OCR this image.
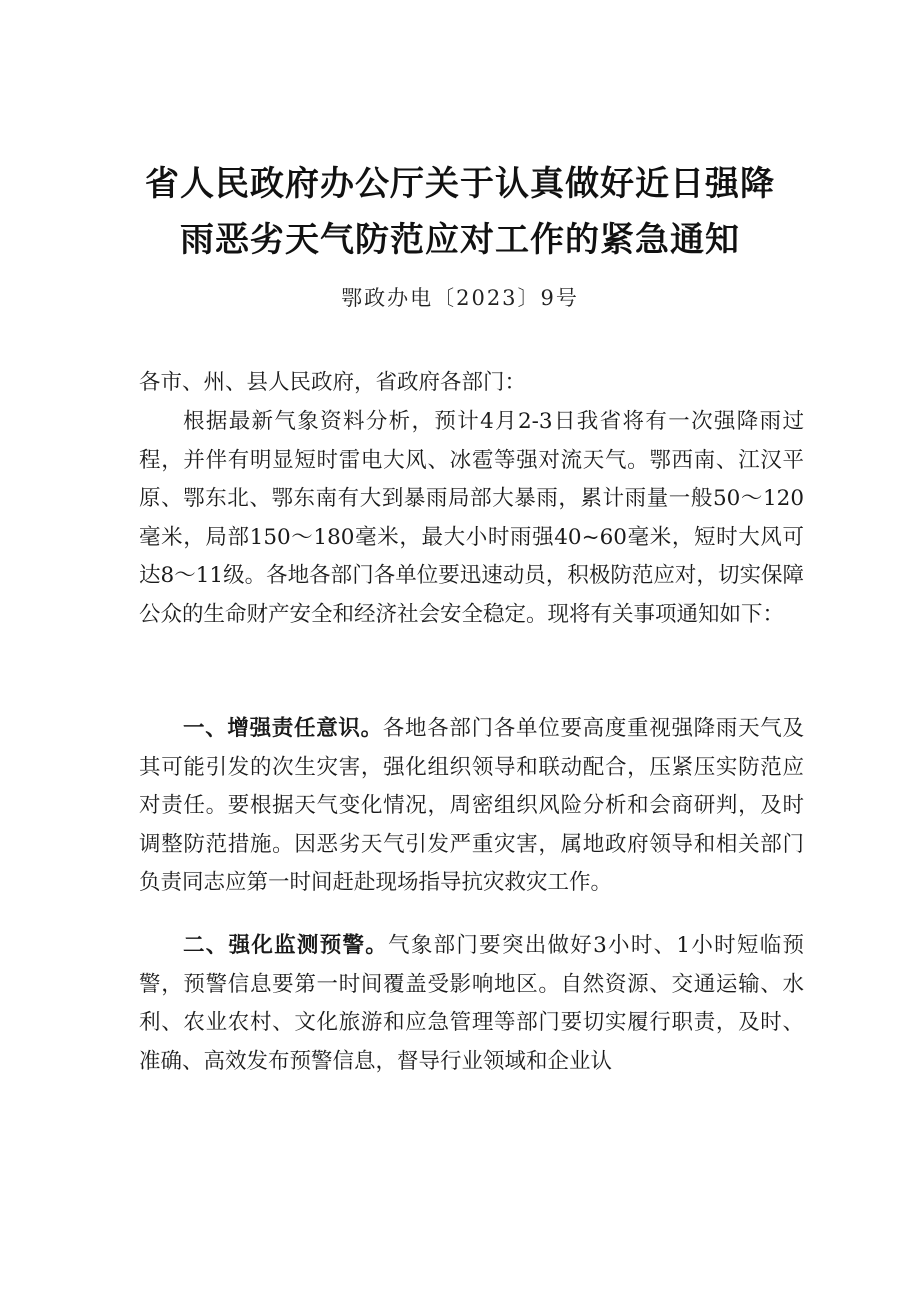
省人民政府办公厅关于认真做好近日强降
雨恶劣天气防范应对工作的紧急通知
鄂政办电〔2023〕9号
各市、州、县人民政府，省政府各部门：

根据最新气象资料分析，预计4月2-3日我省将有一次强降雨过程，并伴有明显短时雷电大风、冰雹等强对流天气。鄂西南、江汉平原、鄂东北、鄂东南有大到暴雨局部大暴雨，累计雨量一般50～120毫米，局部150～180毫米，最大小时雨强40~60毫米，短时大风可达8～11级。各地各部门各单位要迅速动员，积极防范应对，切实保障公众的生命财产安全和经济社会安全稳定。现将有关事项通知如下：

一、增强责任意识。各地各部门各单位要高度重视强降雨天气及其可能引发的次生灾害，强化组织领导和联动配合，压紧压实防范应对责任。要根据天气变化情况，周密组织风险分析和会商研判，及时调整防范措施。因恶劣天气引发严重灾害，属地政府领导和相关部门负责同志应第一时间赶赴现场指导抗灾救灾工作。

二、强化监测预警。气象部门要突出做好3小时、1小时短临预警，预警信息要第一时间覆盖受影响地区。自然资源、交通运输、水利、农业农村、文化旅游和应急管理等部门要切实履行职责，及时、准确、高效发布预警信息，督导行业领域和企业认
